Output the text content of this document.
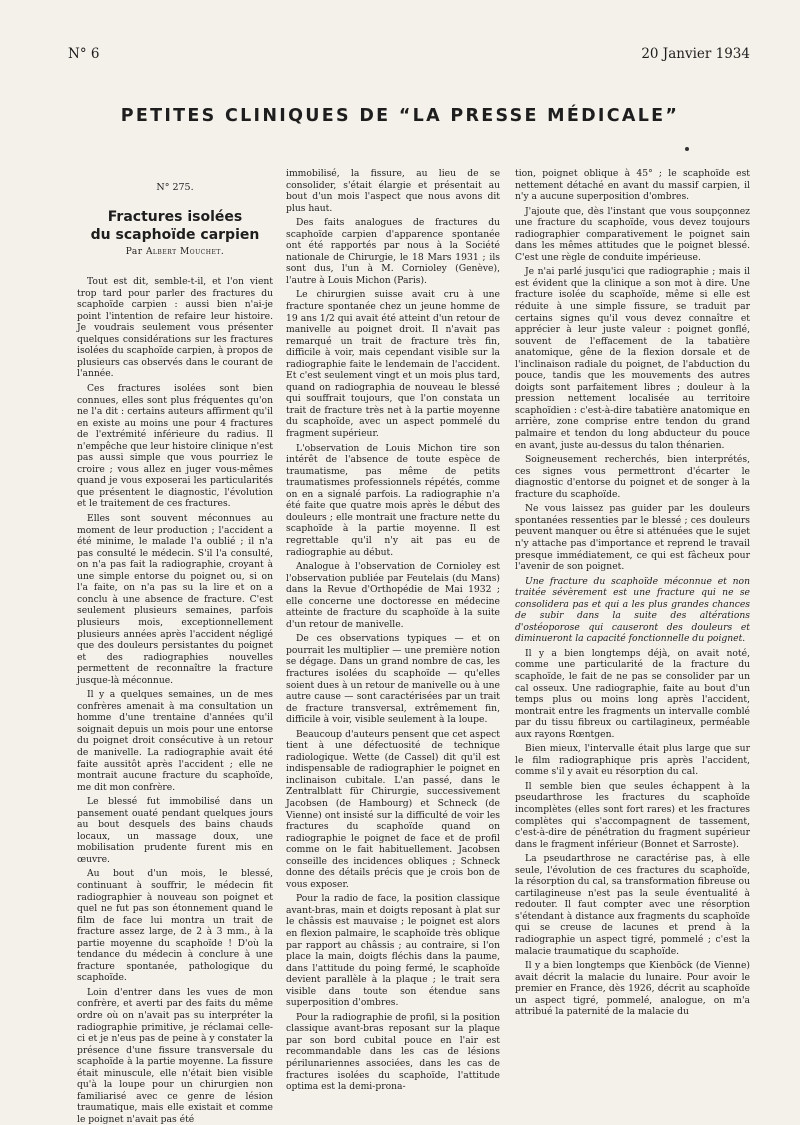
N° 6	20 Janvier 1934
PETITES CLINIQUES DE “LA PRESSE MÉDICALE”
N° 275.
Fractures isolées
du scaphoïde carpien
Par Albert Mouchet.

Tout est dit, semble-t-il, et l'on vient trop tard pour parler des fractures du scaphoïde carpien : aussi bien n'ai-je point l'intention de refaire leur histoire. Je voudrais seulement vous présenter quelques considérations sur les fractures isolées du scaphoïde carpien, à propos de plusieurs cas observés dans le courant de l'année.

Ces fractures isolées sont bien connues, elles sont plus fréquentes qu'on ne l'a dit : certains auteurs affirment qu'il en existe au moins une pour 4 fractures de l'extrémité inférieure du radius. Il n'empêche que leur histoire clinique n'est pas aussi simple que vous pourriez le croire ; vous allez en juger vous-mêmes quand je vous exposerai les particularités que présentent le diagnostic, l'évolution et le traitement de ces fractures.

Elles sont souvent méconnues au moment de leur production ; l'accident a été minime, le malade l'a oublié ; il n'a pas consulté le médecin. S'il l'a consulté, on n'a pas fait la radiographie, croyant à une simple entorse du poignet ou, si on l'a faite, on n'a pas su la lire et on a conclu à une absence de fracture. C'est seulement plusieurs semaines, parfois plusieurs mois, exceptionnellement plusieurs années après l'accident négligé que des douleurs persistantes du poignet et des radiographies nouvelles permettent de reconnaître la fracture jusque-là méconnue.

Il y a quelques semaines, un de mes confrères amenait à ma consultation un homme d'une trentaine d'années qu'il soignait depuis un mois pour une entorse du poignet droit consécutive à un retour de manivelle. La radiographie avait été faite aussitôt après l'accident ; elle ne montrait aucune fracture du scaphoïde, me dit mon confrère.

Le blessé fut immobilisé dans un pansement ouaté pendant quelques jours au bout desquels des bains chauds locaux, un massage doux, une mobilisation prudente furent mis en œuvre.

Au bout d'un mois, le blessé, continuant à souffrir, le médecin fit radiographier à nouveau son poignet et quel ne fut pas son étonnement quand le film de face lui montra un trait de fracture assez large, de 2 à 3 mm., à la partie moyenne du scaphoïde ! D'où la tendance du médecin à conclure à une fracture spontanée, pathologique du scaphoïde.

Loin d'entrer dans les vues de mon confrère, et averti par des faits du même ordre où on n'avait pas su interpréter la radiographie primitive, je réclamai celle-ci et je n'eus pas de peine à y constater la présence d'une fissure transversale du scaphoïde à la partie moyenne. La fissure était minuscule, elle n'était bien visible qu'à la loupe pour un chirurgien non familiarisé avec ce genre de lésion traumatique, mais elle existait et comme le poignet n'avait pas été

immobilisé, la fissure, au lieu de se consolider, s'était élargie et présentait au bout d'un mois l'aspect que nous avons dit plus haut.

Des faits analogues de fractures du scaphoïde carpien d'apparence spontanée ont été rapportés par nous à la Société nationale de Chirurgie, le 18 Mars 1931 ; ils sont dus, l'un à M. Cornioley (Genève), l'autre à Louis Michon (Paris).

Le chirurgien suisse avait cru à une fracture spontanée chez un jeune homme de 19 ans 1/2 qui avait été atteint d'un retour de manivelle au poignet droit. Il n'avait pas remarqué un trait de fracture très fin, difficile à voir, mais cependant visible sur la radiographie faite le lendemain de l'accident. Et c'est seulement vingt et un mois plus tard, quand on radiographia de nouveau le blessé qui souffrait toujours, que l'on constata un trait de fracture très net à la partie moyenne du scaphoïde, avec un aspect pommelé du fragment supérieur.

L'observation de Louis Michon tire son intérêt de l'absence de toute espèce de traumatisme, pas même de petits traumatismes professionnels répétés, comme on en a signalé parfois. La radiographie n'a été faite que quatre mois après le début des douleurs ; elle montrait une fracture nette du scaphoïde à la partie moyenne. Il est regrettable qu'il n'y ait pas eu de radiographie au début.

Analogue à l'observation de Cornioley est l'observation publiée par Feutelais (du Mans) dans la Revue d'Orthopédie de Mai 1932 ; elle concerne une doctoresse en médecine atteinte de fracture du scaphoïde à la suite d'un retour de manivelle.

De ces observations typiques — et on pourrait les multiplier — une première notion se dégage. Dans un grand nombre de cas, les fractures isolées du scaphoïde — qu'elles soient dues à un retour de manivelle ou à une autre cause — sont caractérisées par un trait de fracture transversal, extrêmement fin, difficile à voir, visible seulement à la loupe.

Beaucoup d'auteurs pensent que cet aspect tient à une défectuosité de technique radiologique. Wette (de Cassel) dit qu'il est indispensable de radiographier le poignet en inclinaison cubitale. L'an passé, dans le Zentralblatt für Chirurgie, successivement Jacobsen (de Hambourg) et Schneck (de Vienne) ont insisté sur la difficulté de voir les fractures du scaphoïde quand on radiographie le poignet de face et de profil comme on le fait habituellement. Jacobsen conseille des incidences obliques ; Schneck donne des détails précis que je crois bon de vous exposer.

Pour la radio de face, la position classique avant-bras, main et doigts reposant à plat sur le châssis est mauvaise ; le poignet est alors en flexion palmaire, le scaphoïde très oblique par rapport au châssis ; au contraire, si l'on place la main, doigts fléchis dans la paume, dans l'attitude du poing fermé, le scaphoïde devient parallèle à la plaque ; le trait sera visible dans toute son étendue sans superposition d'ombres.

Pour la radiographie de profil, si la position classique avant-bras reposant sur la plaque par son bord cubital pouce en l'air est recommandable dans les cas de lésions périlunariennes associées, dans les cas de fractures isolées du scaphoïde, l'attitude optima est la demi-prona-

tion, poignet oblique à 45° ; le scaphoïde est nettement détaché en avant du massif carpien, il n'y a aucune superposition d'ombres.

J'ajoute que, dès l'instant que vous soupçonnez une fracture du scaphoïde, vous devez toujours radiographier comparativement le poignet sain dans les mêmes attitudes que le poignet blessé. C'est une règle de conduite impérieuse.

Je n'ai parlé jusqu'ici que radiographie ; mais il est évident que la clinique a son mot à dire. Une fracture isolée du scaphoïde, même si elle est réduite à une simple fissure, se traduit par certains signes qu'il vous devez connaître et apprécier à leur juste valeur : poignet gonflé, souvent de l'effacement de la tabatière anatomique, gêne de la flexion dorsale et de l'inclinaison radiale du poignet, de l'abduction du pouce, tandis que les mouvements des autres doigts sont parfaitement libres ; douleur à la pression nettement localisée au territoire scaphoïdien : c'est-à-dire tabatière anatomique en arrière, zone comprise entre tendon du grand palmaire et tendon du long abducteur du pouce en avant, juste au-dessus du talon thénarien.

Soigneusement recherchés, bien interprétés, ces signes vous permettront d'écarter le diagnostic d'entorse du poignet et de songer à la fracture du scaphoïde.

Ne vous laissez pas guider par les douleurs spontanées ressenties par le blessé ; ces douleurs peuvent manquer ou être si atténuées que le sujet n'y attache pas d'importance et reprend le travail presque immédiatement, ce qui est fâcheux pour l'avenir de son poignet.

Une fracture du scaphoïde méconnue et non traitée sévèrement est une fracture qui ne se consolidera pas et qui a les plus grandes chances de subir dans la suite des altérations d'ostéoporose qui causeront des douleurs et diminueront la capacité fonctionnelle du poignet.

Il y a bien longtemps déjà, on avait noté, comme une particularité de la fracture du scaphoïde, le fait de ne pas se consolider par un cal osseux. Une radiographie, faite au bout d'un temps plus ou moins long après l'accident, montrait entre les fragments un intervalle comblé par du tissu fibreux ou cartilagineux, perméable aux rayons Rœntgen.

Bien mieux, l'intervalle était plus large que sur le film radiographique pris après l'accident, comme s'il y avait eu résorption du cal.

Il semble bien que seules échappent à la pseudarthrose les fractures du scaphoïde incomplètes (elles sont fort rares) et les fractures complètes qui s'accompagnent de tassement, c'est-à-dire de pénétration du fragment supérieur dans le fragment inférieur (Bonnet et Sarroste).

La pseudarthrose ne caractérise pas, à elle seule, l'évolution de ces fractures du scaphoïde, la résorption du cal, sa transformation fibreuse ou cartilagineuse n'est pas la seule éventualité à redouter. Il faut compter avec une résorption s'étendant à distance aux fragments du scaphoïde qui se creuse de lacunes et prend à la radiographie un aspect tigré, pommelé ; c'est la malacie traumatique du scaphoïde.

Il y a bien longtemps que Kienböck (de Vienne) avait décrit la malacie du lunaire. Pour avoir le premier en France, dès 1926, décrit au scaphoïde un aspect tigré, pommelé, analogue, on m'a attribué la paternité de la malacie du
